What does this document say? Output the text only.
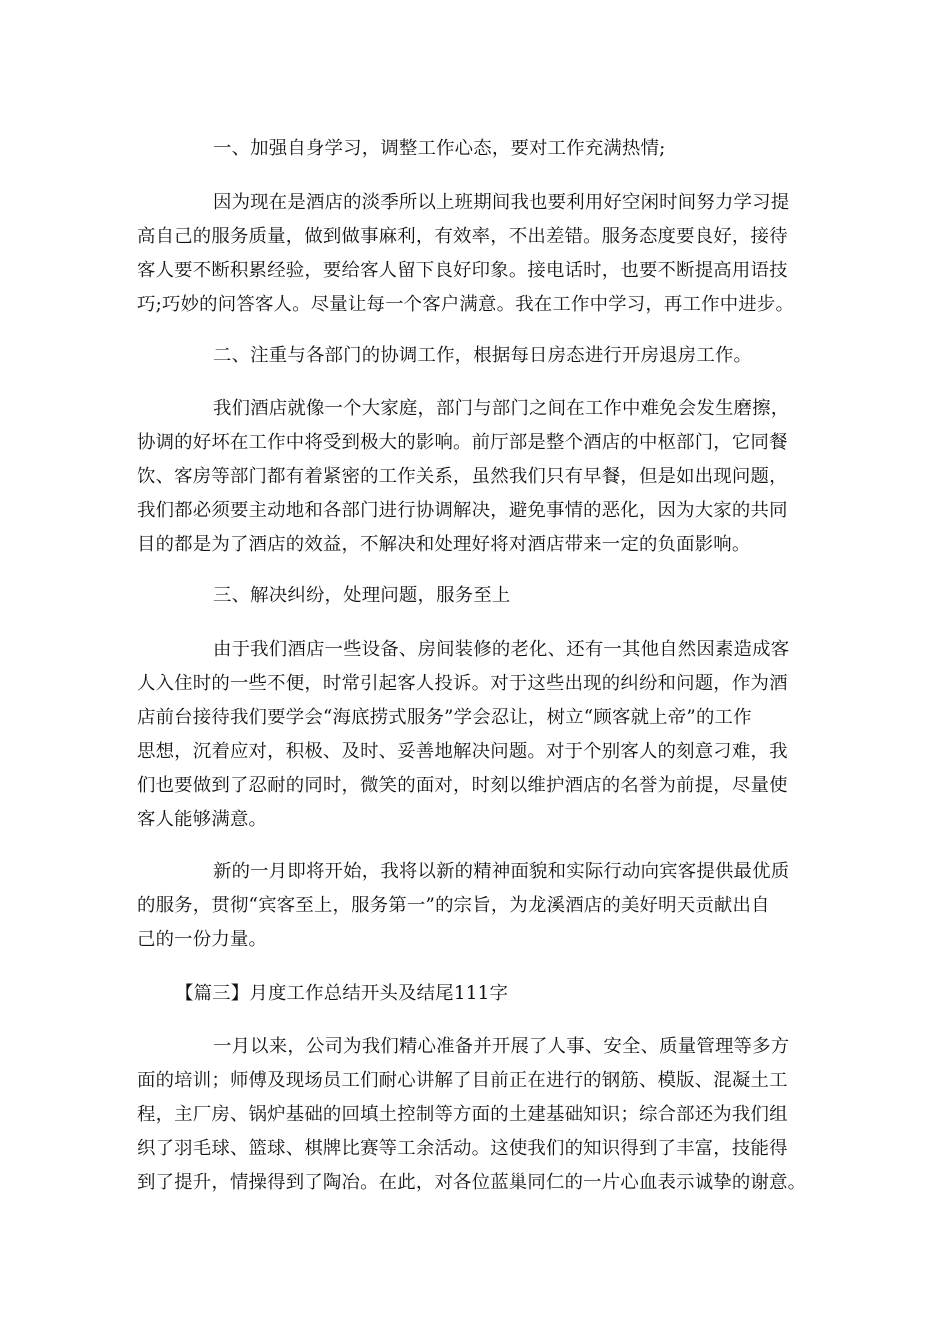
一、加强自身学习，调整工作心态，要对工作充满热情;
因为现在是酒店的淡季所以上班期间我也要利用好空闲时间努力学习提
高自己的服务质量，做到做事麻利，有效率，不出差错。服务态度要良好，接待
客人要不断积累经验，要给客人留下良好印象。接电话时，也要不断提高用语技
巧;巧妙的问答客人。尽量让每一个客户满意。我在工作中学习，再工作中进步。
二、注重与各部门的协调工作，根据每日房态进行开房退房工作。
我们酒店就像一个大家庭，部门与部门之间在工作中难免会发生磨擦，
协调的好坏在工作中将受到极大的影响。前厅部是整个酒店的中枢部门，它同餐
饮、客房等部门都有着紧密的工作关系，虽然我们只有早餐，但是如出现问题，
我们都必须要主动地和各部门进行协调解决，避免事情的恶化，因为大家的共同
目的都是为了酒店的效益，不解决和处理好将对酒店带来一定的负面影响。
三、解决纠纷，处理问题，服务至上
由于我们酒店一些设备、房间装修的老化、还有一其他自然因素造成客
人入住时的一些不便，时常引起客人投诉。对于这些出现的纠纷和问题，作为酒
店前台接待我们要学会“海底捞式服务”学会忍让，树立“顾客就上帝”的工作
思想，沉着应对，积极、及时、妥善地解决问题。对于个别客人的刻意刁难，我
们也要做到了忍耐的同时，微笑的面对，时刻以维护酒店的名誉为前提，尽量使
客人能够满意。
新的一月即将开始，我将以新的精神面貌和实际行动向宾客提供最优质
的服务，贯彻“宾客至上，服务第一”的宗旨，为龙溪酒店的美好明天贡献出自
己的一份力量。
【篇三】月度工作总结开头及结尾111字
一月以来，公司为我们精心准备并开展了人事、安全、质量管理等多方
面的培训；师傅及现场员工们耐心讲解了目前正在进行的钢筋、模版、混凝土工
程，主厂房、锅炉基础的回填土控制等方面的土建基础知识；综合部还为我们组
织了羽毛球、篮球、棋牌比赛等工余活动。这使我们的知识得到了丰富，技能得
到了提升，情操得到了陶冶。在此，对各位蓝巢同仁的一片心血表示诚挚的谢意。
